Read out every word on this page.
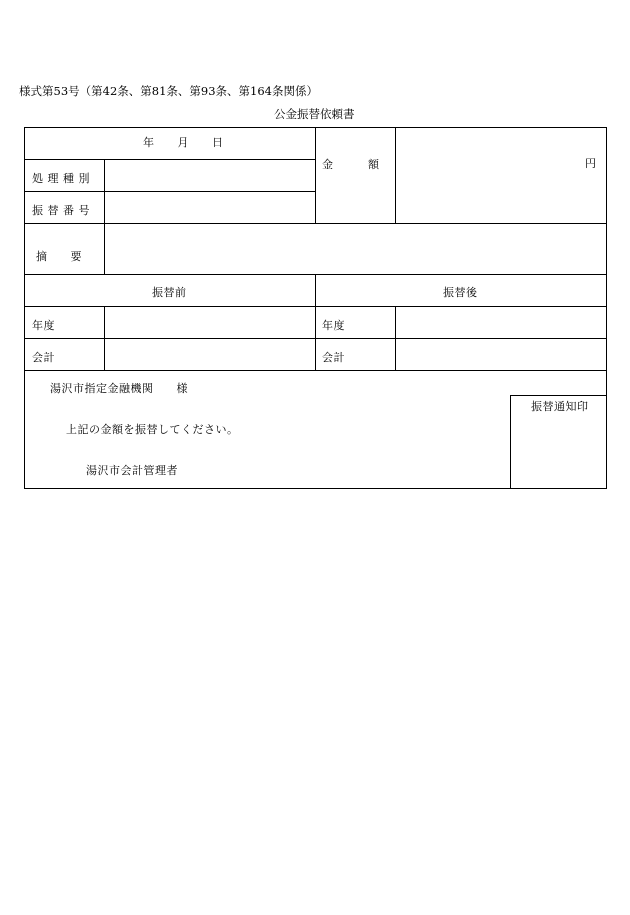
様式第53号（第42条、第81条、第93条、第164条関係）
公金振替依頼書
年　　月　　日
処 理 種 別
振 替 番 号
金　　　額	円
摘　　要
振替前	振替後
年度
会計
年度
会計
湯沢市指定金融機関　　様
振替通知印
上記の金額を振替してください。
湯沢市会計管理者
